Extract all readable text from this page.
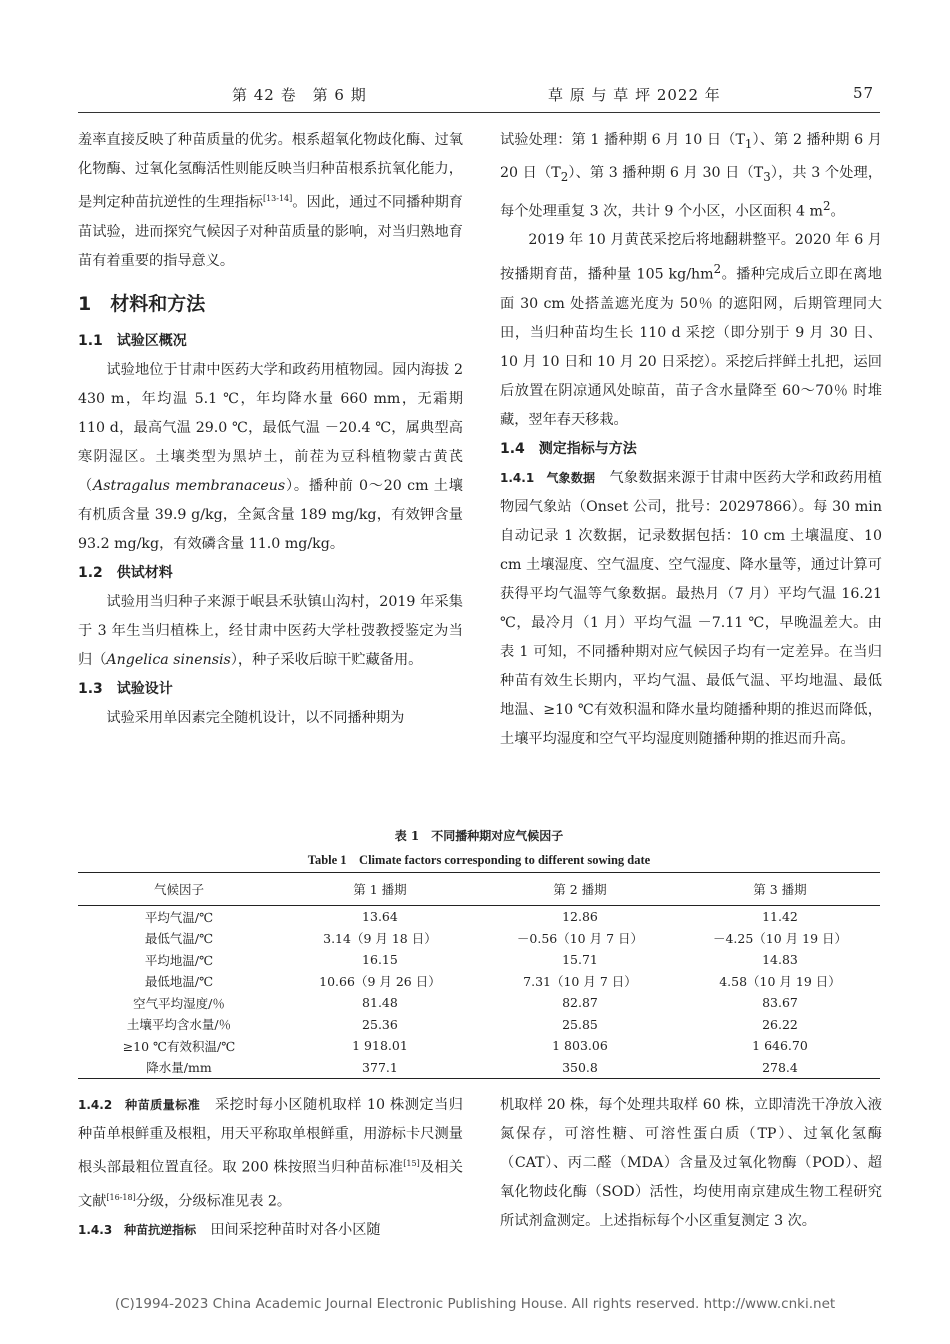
第 42 卷　第 6 期	草 原 与 草 坪 2022 年	57

羞率直接反映了种苗质量的优劣。根系超氧化物歧化酶、过氧化物酶、过氧化氢酶活性则能反映当归种苗根系抗氧化能力，是判定种苗抗逆性的生理指标[13-14]。因此，通过不同播种期育苗试验，进而探究气候因子对种苗质量的影响，对当归熟地育苗有着重要的指导意义。

1　材料和方法

1.1　试验区概况

试验地位于甘肃中医药大学和政药用植物园。园内海拔 2 430 m，年均温 5.1 ℃，年均降水量 660 mm，无霜期 110 d，最高气温 29.0 ℃，最低气温 －20.4 ℃，属典型高寒阴湿区。土壤类型为黑垆土，前茬为豆科植物蒙古黄芪（Astragalus membranaceus）。播种前 0～20 cm 土壤有机质含量 39.9 g/kg，全氮含量 189 mg/kg，有效钾含量 93.2 mg/kg，有效磷含量 11.0 mg/kg。

1.2　供试材料

试验用当归种子来源于岷县禾驮镇山沟村，2019 年采集于 3 年生当归植株上，经甘肃中医药大学杜弢教授鉴定为当归（Angelica sinensis），种子采收后晾干贮藏备用。

1.3　试验设计

试验采用单因素完全随机设计，以不同播种期为

试验处理：第 1 播种期 6 月 10 日$(T_1)$、第 2 播种期 6 月 20 日$(T_2)$、第 3 播种期 6 月 30 日$(T_3)$，共 3 个处理，每个处理重复 3 次，共计 9 个小区，小区面积 4 $m^2$。

2019 年 10 月黄芪采挖后将地翻耕整平。2020 年 6 月按播期育苗，播种量 105 $kg/hm^2$。播种完成后立即在离地面 30 cm 处搭盖遮光度为 50％ 的遮阳网，后期管理同大田，当归种苗均生长 110 d 采挖（即分别于 9 月 30 日、10 月 10 日和 10 月 20 日采挖）。采挖后拌鲜土扎把，运回后放置在阴凉通风处晾苗，苗子含水量降至 60～70％ 时堆藏，翌年春天移栽。

1.4　测定指标与方法

1.4.1　气象数据　气象数据来源于甘肃中医药大学和政药用植物园气象站（Onset 公司，批号：20297866）。每 30 min 自动记录 1 次数据，记录数据包括：10 cm 土壤温度、10 cm 土壤湿度、空气温度、空气湿度、降水量等，通过计算可获得平均气温等气象数据。最热月（7 月）平均气温 16.21 ℃，最冷月（1 月）平均气温 －7.11 ℃，早晚温差大。由表 1 可知，不同播种期对应气候因子均有一定差异。在当归种苗有效生长期内，平均气温、最低气温、平均地温、最低地温、≥10 ℃有效积温和降水量均随播种期的推迟而降低，土壤平均湿度和空气平均湿度则随播种期的推迟而升高。

表 1　不同播种期对应气候因子
Table 1　Climate factors corresponding to different sowing date
气候因子	第 1 播期	第 2 播期	第 3 播期
平均气温/℃	13.64	12.86	11.42
最低气温/℃	3.14（9 月 18 日）	－0.56（10 月 7 日）	－4.25（10 月 19 日）
平均地温/℃	16.15	15.71	14.83
最低地温/℃	10.66（9 月 26 日）	7.31（10 月 7 日）	4.58（10 月 19 日）
空气平均湿度/％	81.48	82.87	83.67
土壤平均含水量/％	25.36	25.85	26.22
≥10 ℃有效积温/℃	1 918.01	1 803.06	1 646.70
降水量/mm	377.1	350.8	278.4

1.4.2　种苗质量标准　采挖时每小区随机取样 10 株测定当归种苗单根鲜重及根粗，用天平称取单根鲜重，用游标卡尺测量根头部最粗位置直径。取 200 株按照当归种苗标准[15]及相关文献[16-18]分级，分级标准见表 2。

1.4.3　种苗抗逆指标　田间采挖种苗时对各小区随

机取样 20 株，每个处理共取样 60 株，立即清洗干净放入液氮保存，可溶性糖、可溶性蛋白质（TP）、过氧化氢酶（CAT）、丙二醛（MDA）含量及过氧化物酶（POD）、超氧化物歧化酶（SOD）活性，均使用南京建成生物工程研究所试剂盒测定。上述指标每个小区重复测定 3 次。

(C)1994-2023 China Academic Journal Electronic Publishing House. All rights reserved. http://www.cnki.net
